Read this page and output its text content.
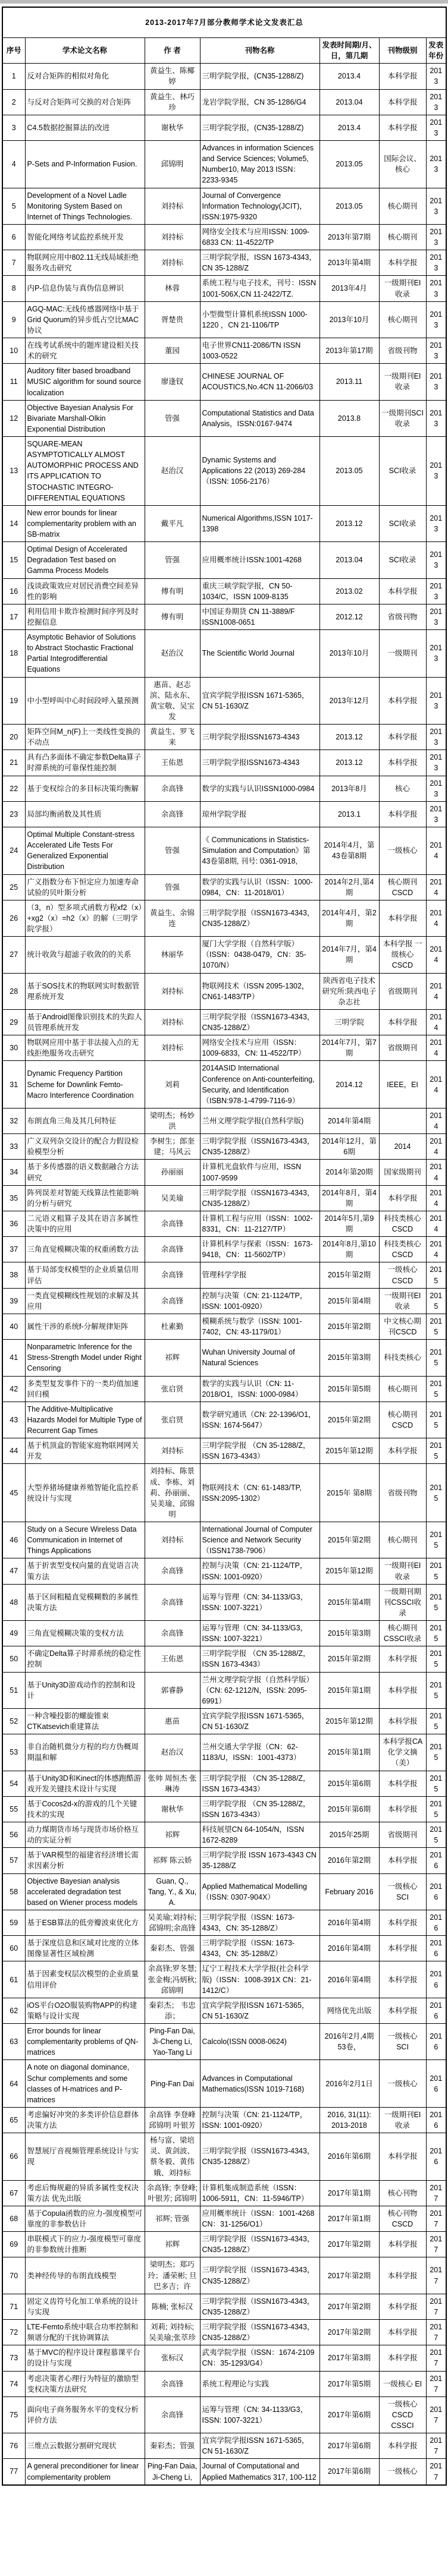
2013-2017年7月部分教师学术论文发表汇总						
序号	学术论文名称	作 者	刊物名称	发表时间期/月、日，第几期	刊物级别	发表年份
1	反对合矩阵的相似对角化	黄益生、陈椰婷	三明学院学报，(CN35-1288/Z)	2013.4	本科学报	2013
2	与反对合矩阵可交换的对合矩阵	黄益生、林巧珍	龙岩学院学报，CN 35-1286/G4	2013.04	本科学报	2013
3	C4.5数据挖掘算法的改进	谢秋华	三明学院学报，(CN35-1288/Z)	2013.4	本科学报	2013
4	P-Sets and P-Information Fusion.	邱锦明	Advances in information Sciences and Service Sciences; Volume5, Number10, May 2013 ISSN：2233-9345	2013.05	国际会议、核心	2013
5	Development of a Novel Ladle Monitoring System Based on Internet of Things Technologies.	刘持标	Journal of Convergence Information Technology(JCIT)，ISSN:1975-9320	2013.05	核心期刊	2013
6	智能化网络考试监控系统开发	刘持标	网络安全技术与应用ISSN: 1009-6833 CN: 11-4522/TP	2013年第7期	核心期刊	2013
7	物联网应用中802.11无线局域拒绝服务攻击研究	刘持标	三明学院学报，ISSN 1673-4343，CN 35-1288/Z	2013年第4期	本科学报	2013
8	内P-信息伪装与真伪信息辨识	林蓉	系统工程与电子技术，刊号：ISSN 1001-506X,CN 11-2422/TZ.	2013年4月	一级期刊EI收录	2013
9	AGQ-MAC:无线传感器网络中基于Grid Quorum的异步低占空比MAC协议	胥楚贵	小型微型计算机系统ISSN 1000-1220 ，CN 21-1106/TP	2013年10月	核心期刊	2013
10	在线考试系统中的题库建设相关技术的研究	董园	电子世界CN11-2086/TN ISSN 1003-0522	2013年第17期	省级刊物	2013
11	Auditory filter based broadband MUSIC algorithm for sound source localization	廖逢钗	CHINESE JOURNAL OF ACOUSTICS,No.4CN 11-2066/03	2013.11	一级期刊EI收录	2013
12	Objective Bayesian Analysis For Bivariate Marshall-Olkin Exponential Distribution	管强	Computational Statistics and Data Analysis，ISSN:0167-9474	2013.8	一级期刊SCI收录	2013
13	SQUARE-MEAN ASYMPTOTICALLY ALMOST AUTOMORPHIC PROCESS AND ITS APPLICATION TO STOCHASTIC INTEGRO-DIFFERENTIAL EQUATIONS	赵治汉	Dynamic Systems and Applications 22 (2013) 269-284（ISSN: 1056-2176）	2013.05	SCI收录	2013
14	New error bounds for linear complementarity problem with an SB-matrix	戴平凡	Numerical Algorithms,ISSN 1017-1398	2013.12	SCI收录	2013
15	Optimal Design of Accelerated Degradation Test based on Gamma Process Models	管强	应用概率统计ISSN:1001-4268	2013.04	SCI收录	2013
16	浅谈政策效应对居民消费空间差异性的影响	傅有明	重庆三峡学院学报，CN 50-1034/C，ISSN 1009-8135	2013.02	本科学报	2013
17	利用信用卡欺诈检测时间序列及时挖掘信息	傅有明	中国证券期货 CN 11-3889/F ISSN1008-0651	2012.12	省级刊物	2013
18	Asymptotic Behavior of Solutions to Abstract Stochastic Fractional Partial Integrodifferential Equations	赵治汉	The Scientific World Journal	2013年10月	一级期刊	2013
19	中小型呼叫中心时间段呼入量预测	惠苗、赵志滨、陆永东、黄宝敬、吴宝发	宜宾学院学报ISSN 1671-5365，CN 51-1630/Z	2013年12月	本科学报	2013
20	矩阵空间M_n(F)上一类线性变换的不动点	黄益生、罗飞来	三明学院学报ISSN1673-4343	2013.12	本科学报	2013
21	具有凸多面体不确定参数Delta算子时滞系统的可靠保性能控制	王佑恩	三明学院学报ISSN1673-4343	2013.12	本科学报	2013
22	基于变权综合的多目标决策均衡解	余高锋	数学的实践与认识ISSN1000-0984	2013年8月	核心	2013
23	局部均衡函数及其性质	余高锋	琼州学院学报	2013.1	本科学报	2013
24	Optimal Multiple Constant-stress Accelerated Life Tests For Generalized Exponential Distribution	管强	《 Communications in Statistics-Simulation and Computation》第43卷第8期, 刊号: 0361-0918,	2014年4月，第43卷第8期	一级核心	2014
25	广义指数分布下恒定应力加速寿命试验的贝叶斯分析	管强	数学的实践与认识（ISSN：1000-0984，CN：11-2018/01）	2014年2月,第4期	核心期刊 CSCD	2014
26	（3，n）型多项式函数方程xf2（x）+xg2（x）=h2（x）的解（三明学院学报）	黄益生、余锦连	三明学院学报（ISSN1673-4343，CN35-1288/Z）	2014年4月，第2期	本科学报	2014
27	统计收敛与超滤子收敛的的关系	林丽华	厦门大学学报（自然科学版）（ISSN：0438-0479，CN：35-1070/N）	2014年7月，第4期	本科学报 一级核心 CSCD	2014
28	基于SOS技术的物联网实时数据管理系统开发	刘持标	物联网技术（ISSN 2095-1302，CN61-1483/TP）	陕西省电子技术研究所:陕西电子杂志社	省级期刊	2014
29	基于Android图像识别技术的失踪人员管理系统开发	刘持标	三明学院学报（ISSN1673-4343，CN35-1288/Z）	三明学院	本科学报	2014
30	物联网应用中基于非法接入点的无线拒绝服务攻击研究	刘持标	网络安全技术与应用（ISSN：1009-6833，CN: 11-4522/TP）	2014年7月，第7期	省级期刊	2014
31	Dynamic Frequency Partition Scheme for Downlink Femto-Macro Interference Coordination	刘莉	2014ASID International Conference on Anti-counterfeiting, Security, and Identification（ISBN:978-1-4799-7116-9）	2014.12	IEEE，EI	2014
32	布朗直角三角及其几何特征	梁明杰；杨妙洪	兰州文理学院学报(自然科学版)	2014年第4期		2014
33	广义双列杂交设计的配合力假设检验模型分析	李树生；郎奎建；马风云	三明学院学报（ISSN1673-4343，CN35-1288/Z）	2014年12月，第6期	2014	2014
34	基于多传感器的语义数据融合方法研究	孙丽丽	计算机光盘软件与应用，ISSN 1007-9599	2014年第20期	国家级期刊	2014
35	阵列误差对智能天线算法性能影响的分析与研究	吴美瑜	三明学院学报（ISSN1673-4343，CN35-1288/Z）	2014年8月，第4期	本科学报	2014
36	二元语义粗算子及其在语言多属性决策中的应用	余高锋	计算机工程与应用（ISSN：1002-8331，CN：11-2127/TP）	2014年5月,第9期	科技类核心 CSCD	2014
37	三角直觉模糊决策的权重函数方法	余高锋	计算机科学与探索（ISSN：1673-9418，CN：11-5602/TP）	2014年8月,第10期	科技类核心 CSCD	2014
38	基于局部变权模型的企业质量信用评估	余高锋	管理科学学报	2015年第2期	一级核心 CSCD	2015
39	一类直觉模糊线性规划的求解及其应用	余高锋	控制与决策（CN: 21-1124/TP，ISSN: 1001-0920）	2015年第4期	一级期刊EI收录	2015
40	属性干涉的系统f-分解规律矩阵	杜素勤	模糊系统与数学（ISSN: 1001-7402，CN: 43-1179/01）	2015年第2期	中文核心期刊CSCD	2015
41	Nonparametric Inference for the Stress-Strength Model under Right Censoring	祁辉	Wuhan University Journal of Natural Sciences	2015年第3期	科技类核心	2015
42	多类型复发事件下的一类均值加速回归模	张启贤	数学的实践与认识（CN: 11-2018/O1，ISSN: 1000-0984）	2015年第5期	核心期刊	2015
43	The Additive-Multiplicative Hazards Model for Multiple Type of Recurrent Gap Times	张启贤	数学研究通讯（CN: 22-1396/O1，ISSN: 1674-5647）	2015年第2期	核心期刊CSCD	2015
44	基于机顶盒的智能家庭物联网网关开发	刘持标	三明学院学报 （CN 35-1288/Z，ISSN 1673-4343）	2015年第12期	本科学报	2015
45	大型养猪场健康养殖智能化监控系统设计与实现	刘持标、陈景成、李栋、刘莉、孙丽丽、吴美瑜、邱锦明	物联网技术（CN: 61-1483/TP, ISSN:2095-1302）	2015年 第8期	省级刊物	2015
46	Study on a Secure Wireless Data Communication in Internet of Things Applications	刘持标	International Journal of Computer Science and Network Security（ISSN1738-7906）	2015年第2期	核心期刊	2015
47	基于折衷型变权向量的直觉语言决策方法	余高锋	控制与决策（CN: 21-1124/TP，ISSN: 1001-0920）	2015年第12期	一级期刊EI收录	2015
48	基于区间粗糙直觉模糊数的多属性决策方法	余高锋	运筹与管理（CN: 34-1133/G3，ISSN: 1007-3221）	2015年第4期	一级期刊期刊CSSCI收录	2015
49	三角直觉模糊决策的变权方法	余高锋	运筹与管理（CN: 34-1133/G3，ISSN: 1007-3221）	2015年第3期	核心期刊CSSCI收录	2015
50	不确定Delta算子时滞系统的稳定性控制	王佑恩	三明学院学报 （CN 35-1288/Z，ISSN 1673-4343）	2015年第2期	本科学报	2015
51	基于Unity3D游戏动作的控制和设计	郭睿静	兰州文理学院学报（自然科学版）（CN: 62-1212/N，ISSN: 2095-6991）	2015年第1期	本科学报	2015
52	一种含噪投影的螺旋锥束CTKatsevich重建算法	惠苗	宜宾学院学报ISSN 1671-5365，CN 51-1630/Z	2015年第12期	本科学报	2015
53	非自治随机微分方程的均方伪概周期温和解	赵治汉	兰州交通大学学报（CN：62-1183/U，ISSN：1001-4373）	2015年第1期	本科学报CA化学文摘（美）	2015
54	基于Unity3D和Kinect的体感跑酷游戏开发关键技术设计与实现	张帅 周恒杰 张琳涛	三明学院学报 （CN 35-1288/Z，ISSN 1673-4343）	2015年第6期	本科学报	2015
55	基于Cocos2d-x的游戏的几个关键技术的实现	谢秋华	三明学院学报 （CN 35-1288/Z，ISSN 1673-4343）	2015年第6期	本科学报	2015
56	动力煤期货市场与现货市场价格互动的实证分析	祁辉	科技展望CN 64-1054/N，ISSN 1672-8289	2015年25期	省级期刊	2015
57	基于VAR模型的福建省经济增长需求因素分析	祁辉 陈云娇	三明学院学报 ISSN 1673-4343 CN 35-1288/Z	2016年第2期	本科学报	2016
58	Objective Bayesian analysis accelerated degradation test based on Wiener process models	Guan, Q., Tang, Y., & Xu, A.	Applied Mathematical Modelling（ISSN: 0307-904X）	February 2016	一级核心 SCI	2016
59	基于ESB算法的低旁瓣波束优化方	吴美瑜;刘持标;邱锦明;余高锋	三明学院学报（ISSN: 1673-4343，CN: 35-1288/Z）	2016年第4期	本科学报	2016
60	基于深度信息和区域对比度的立体图像显著性区域检测	秦彩杰、管强	三明学院学报（ISSN: 1673-4343，CN: 35-1288/Z）	2016年第4期	本科学报	2016
61	基于因素变权层次模型的企业质量信用评价	余高锋;罗冬慧;张金梅;冯炳秋;邱锦明	辽宁工程技术大学学报(社会科学版)（ISSN：1008-391X CN：21-1412/C）	2016年第4期	本科学报	2016
62	iOS平台O2O服装购物APP的构建策略与设计实现	秦彩杰； 韦忠添；	宜宾学院学报ISSN 1671-5365，CN 51-1630/Z	网络优先出版	本科学报	2016
63	Error bounds for linear complementarity problems of QN-matrices	Ping-Fan Dai, Ji-Cheng Li, Yao-Tang Li	Calcolo(ISSN 0008-0624)	2016年2月,4期 53卷，	一级核心 SCI	2016
64	A note on diagonal dominance, Schur complements and some classes of H-matrices and P-matrices	Ping-Fan Dai	Advances in Computational Mathematics(ISSN 1019-7168)	2016年2月1日	一级核心	2016
65	考虑偏好冲突的多类评价信息群体决策方法	余高锋 李登峰 邱锦明 叶银芳	控制与决策（CN: 21-1124/TP，ISSN: 1001-0920）	2016, 31(11): 2013-2018	一级期刊EI收录	2016
66	智慧展厅音视频管理系统设计与实现	杨与富、梁培灵、黄剑波、蔡冬毅、黄伟娥、刘持标	三明学院学报（ISSN1673-4343，CN35-1288/Z）	2016年第6期	本科学报	2016
67	考虑后悔规避的异质多属性变权决策方法 优先出版	余高锋; 李登峰; 叶银芳; 邱锦明	计算机集成制造系统（ISSN：1006-5911，CN：11-5946/TP）	2017年第1期	核心刊物	2017
68	基于Copula函数的应力-强度模型可靠度的非参数估计	祁辉; 管强	应用概率统计（ISSN：1001-4268 CN：31-1256/O1）	2017年第1期	核心刊物 CSCD	2017
69	串联模式下的应力-强度模型可靠度的非参数统计推断	祁辉	三明学院学报（ISSN1673-4343，CN35-1288/Z）	2017年第2期	本科学报	2017
70	类神经传导的布朗直线模型	梁明杰；郑巧玲；潘荣彬; 旦巴多吉；许	三明学院学报（ISSN1673-4343，CN35-1288/Z）	2017年第2期	本科学报	2017
71	固定义齿符号化加工单系统的设计与实现	陈楠; 张标汉	三明学院学报（ISSN1673-4343，CN35-1288/Z）	2017年第2期	本科学报	2017
72	LTE-Femto系统中联合功率控制和频谱分配的干扰协调算法	刘莉; 刘持标; 吴美瑜;张萃珍	三明学院学报（ISSN1673-4343，CN35-1288/Z）	2017年第2期	本科学报	2017
73	基于MVC的程序设计课程慕课平台的设计与实现	张标汉	武夷学院学报（ISSN：1674-2109 CN：35-1293/G4）	2017年第3期	本科学报	2017
74	考虑决策者心理行为特征的激励型变权决策方法研究	余高锋	系统工程理论与实践	2017年第5期	一级核心 EI	2017
75	面向电子商务服务水平的变权分析评价方法	余高锋	运筹与管理（CN: 34-1133/G3，ISSN: 1007-3221）	2017年第6期	一级核心 CSCD CSSCI	2017
76	三维点云数据分割研究现状	秦彩杰；管强	宜宾学院学报ISSN 1671-5365，CN 51-1630/Z	2017年第6期	本科学报	2017
77	A general preconditioner for linear complementarity problem	Ping-Fan Daia, Ji-Cheng Li,	Journal of Computational and Applied Mathematics 317, 100-112	2017年第6期	一级核心	2017
